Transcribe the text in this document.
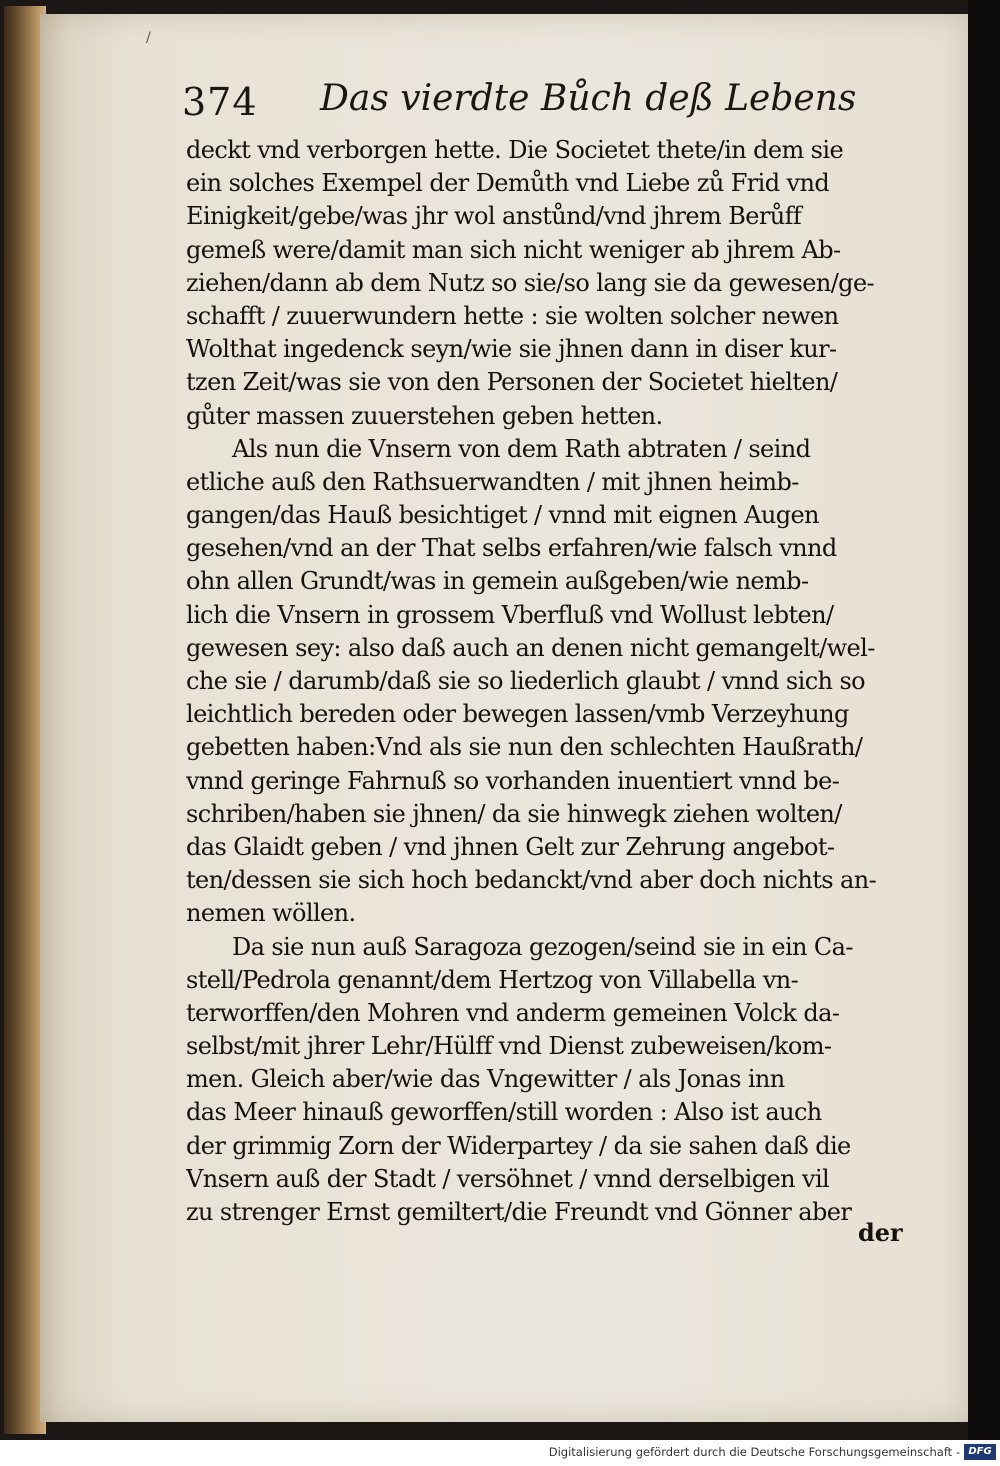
/
374 Das vierdte Bůch deß Lebens
deckt vnd verborgen hette. Die Societet thete/in dem sie
ein solches Exempel der Demůth vnd Liebe zů Frid vnd
Einigkeit/gebe/was jhr wol anstůnd/vnd jhrem Berůff
gemeß were/damit man sich nicht weniger ab jhrem Ab-
ziehen/dann ab dem Nutz so sie/so lang sie da gewesen/ge-
schafft / zuuerwundern hette : sie wolten solcher newen
Wolthat ingedenck seyn/wie sie jhnen dann in diser kur-
tzen Zeit/was sie von den Personen der Societet hielten/
gůter massen zuuerstehen geben hetten.
Als nun die Vnsern von dem Rath abtraten / seind
etliche auß den Rathsuerwandten / mit jhnen heimb-
gangen/das Hauß besichtiget / vnnd mit eignen Augen
gesehen/vnd an der That selbs erfahren/wie falsch vnnd
ohn allen Grundt/was in gemein außgeben/wie nemb-
lich die Vnsern in grossem Vberfluß vnd Wollust lebten/
gewesen sey: also daß auch an denen nicht gemangelt/wel-
che sie / darumb/daß sie so liederlich glaubt / vnnd sich so
leichtlich bereden oder bewegen lassen/vmb Verzeyhung
gebetten haben:Vnd als sie nun den schlechten Haußrath/
vnnd geringe Fahrnuß so vorhanden inuentiert vnnd be-
schriben/haben sie jhnen/ da sie hinwegk ziehen wolten/
das Glaidt geben / vnd jhnen Gelt zur Zehrung angebot-
ten/dessen sie sich hoch bedanckt/vnd aber doch nichts an-
nemen wöllen.
Da sie nun auß Saragoza gezogen/seind sie in ein Ca-
stell/Pedrola genannt/dem Hertzog von Villabella vn-
terworffen/den Mohren vnd anderm gemeinen Volck da-
selbst/mit jhrer Lehr/Hülff vnd Dienst zubeweisen/kom-
men. Gleich aber/wie das Vngewitter / als Jonas inn
das Meer hinauß geworffen/still worden : Also ist auch
der grimmig Zorn der Widerpartey / da sie sahen daß die
Vnsern auß der Stadt / versöhnet / vnnd derselbigen vil
zu strenger Ernst gemiltert/die Freundt vnd Gönner aber
der
Digitalisierung gefördert durch die Deutsche Forschungsgemeinschaft - DFG
